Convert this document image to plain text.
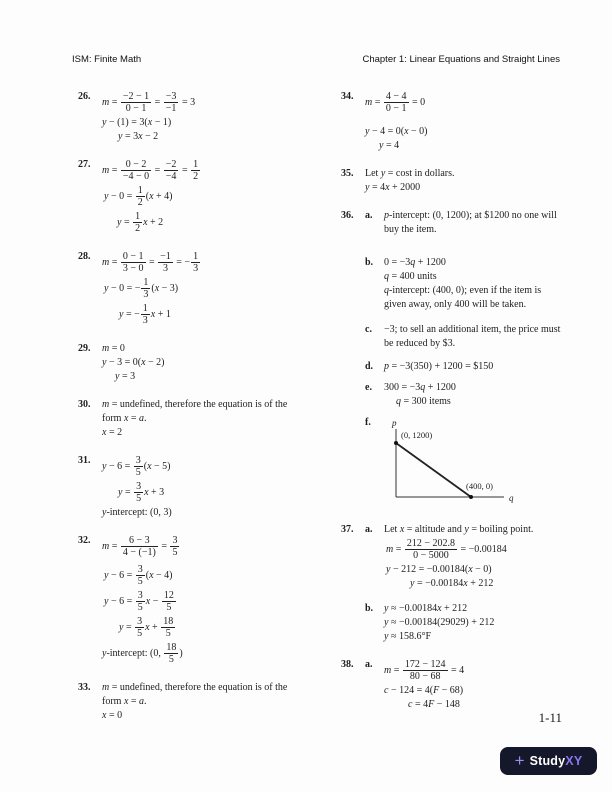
ISM: Finite Math	Chapter 1: Linear Equations and Straight Lines
26.
$m = \frac{-2 - 1}{0 - 1} = \frac{-3}{-1} = 3$
y − (1) = 3(x − 1)
y = 3x − 2
27.
$m = \frac{0 - 2}{-4 - 0} = \frac{-2}{-4} = \frac{1}{2}$
$y - 0 = \frac{1}{2} (x + 4)$
$y = \frac{1}{2}$ x + 2
28.
$m = \frac{0 - 1}{3 - 0} = \frac{-1}{3}$ = − $\frac{1}{3}$
y − 0 = − $\frac{1}{3} (x - 3)$
y = − $\frac{1}{3}$ x + 1
29.	m = 0
y − 3 = 0(x − 2)
y = 3
30.	m = undefined, therefore the equation is of the
form x = a.
x = 2
31.
$y - 6 = \frac{3}{5} (x - 5)$
$y = \frac{3}{5}$ x + 3
y-intercept: (0, 3)
32.
$m = \frac{6 - 3}{4 - (-1)} = \frac{3}{5}$
$y - 6 = \frac{3}{5} (x - 4)$
$y - 6 = \frac{3}{5}$ $x - \frac{12}{5}$
$y = \frac{3}{5}$ $x + \frac{18}{5}$
y-intercept: (0, $\frac{18}{5}$ )
33.	m = undefined, therefore the equation is of the
form x = a.
x = 0
34.
$m = \frac{4 - 4}{0 - 1} = 0$
y − 4 = 0(x − 0)
y = 4
35.	Let y = cost in dollars.
y = 4x + 2000
36.	a.	p-intercept: (0, 1200); at $1200 no one will
buy the item.
b.	0 = −3q + 1200
q = 400 units
q-intercept: (400, 0); even if the item is
given away, only 400 will be taken.
c.	−3; to sell an additional item, the price must
be reduced by $3.
d.	p = −3(350) + 1200 = $150
e.	300 = −3q + 1200
q = 300 items
f.	p
q
(0, 1200)
(400, 0)
37.	a.	Let x = altitude and y = boiling point.
$m = \frac{212 - 202.8}{0 - 5000} = -0.00184$
y − 212 = −0.00184(x − 0)
y = −0.00184x + 212
b.	y ≈ −0.00184x + 212
y ≈ −0.00184(29029) + 212
y ≈ 158.6°F
38.	a.
$m = \frac{172 - 124}{80 - 68} = 4$
c − 124 = 4(F − 68)
c = 4F − 148
1-11
+ StudyXY
